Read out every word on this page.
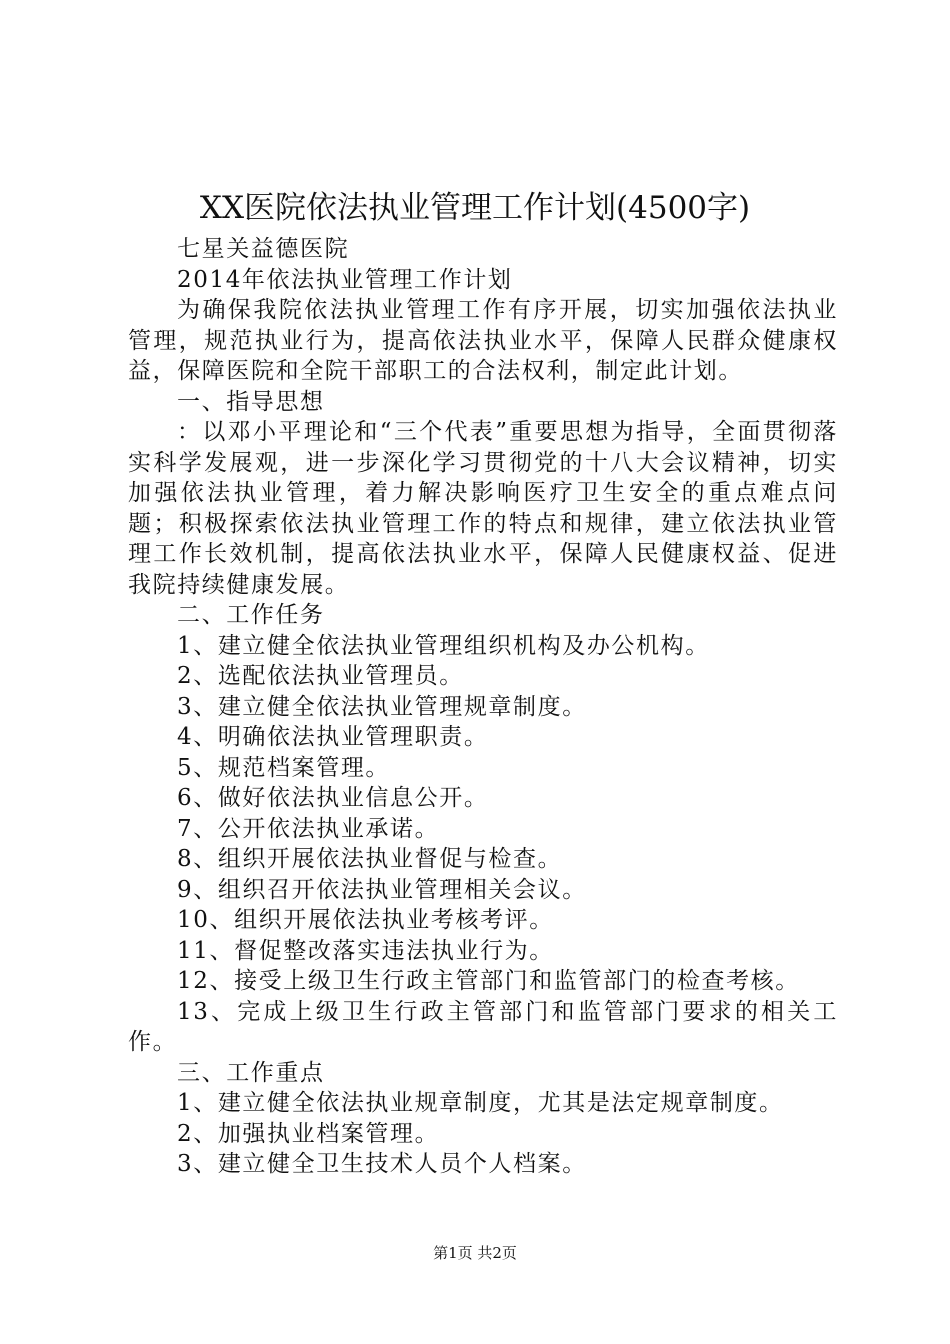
XX医院依法执业管理工作计划(4500字)

七星关益德医院

2014年依法执业管理工作计划

为确保我院依法执业管理工作有序开展，切实加强依法执业管理，规范执业行为，提高依法执业水平，保障人民群众健康权益，保障医院和全院干部职工的合法权利，制定此计划。

一、指导思想

：以邓小平理论和“三个代表”重要思想为指导，全面贯彻落实科学发展观，进一步深化学习贯彻党的十八大会议精神，切实加强依法执业管理，着力解决影响医疗卫生安全的重点难点问题；积极探索依法执业管理工作的特点和规律，建立依法执业管理工作长效机制，提高依法执业水平，保障人民健康权益、促进我院持续健康发展。

二、工作任务

1、建立健全依法执业管理组织机构及办公机构。

2、选配依法执业管理员。

3、建立健全依法执业管理规章制度。

4、明确依法执业管理职责。

5、规范档案管理。

6、做好依法执业信息公开。

7、公开依法执业承诺。

8、组织开展依法执业督促与检查。

9、组织召开依法执业管理相关会议。

10、组织开展依法执业考核考评。

11、督促整改落实违法执业行为。

12、接受上级卫生行政主管部门和监管部门的检查考核。

13、完成上级卫生行政主管部门和监管部门要求的相关工作。

三、工作重点

1、建立健全依法执业规章制度，尤其是法定规章制度。

2、加强执业档案管理。

3、建立健全卫生技术人员个人档案。

第1页 共2页
